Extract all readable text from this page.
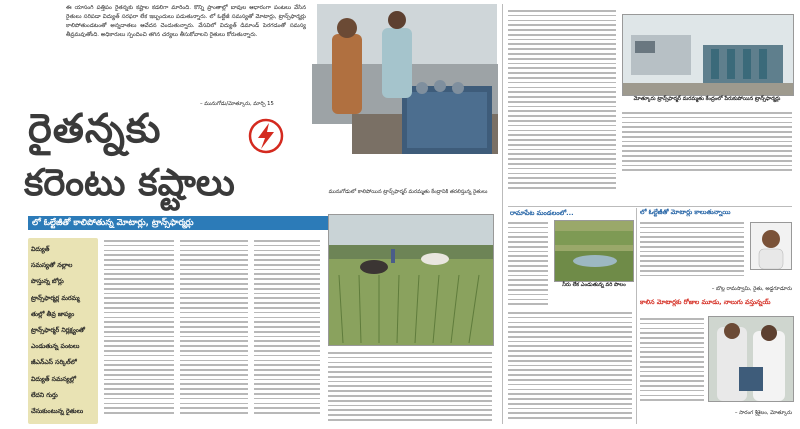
ఈ యాసంగి పత్తిపం రైతన్నకు కష్టాల కడలిగా మారింది. కొన్ని ప్రాంతాల్లో బావుల ఆధారంగా పంటలు వేసిన రైతులు సరిపడా విద్యుత్ సరఫరా లేక ఇబ్బందులు పడుతున్నారు. లో ఓల్టేజీ సమస్యతో మోటార్లు, ట్రాన్స్‌ఫార్మర్లు కాలిపోతుండటంతో అన్నదాతలు ఆవేదన చెందుతున్నారు. వేసవిలో విద్యుత్ డిమాండ్ పెరగడంతో సమస్య తీవ్రమవుతోంది. అధికారులు స్పందించి తగిన చర్యలు తీసుకోవాలని రైతులు కోరుతున్నారు.
– మునుగోడు/మోత్కూరు, మార్చి 15
రైతన్నకు
కరెంటు కష్టాలు	మునుగోడులో కాలిపోయిన ట్రాన్స్‌ఫార్మర్ మరమ్మతు కేంద్రానికి తరలిస్తున్న రైతులు
లో ఓల్టేజీతో కాలిపోతున్న మోటార్లు, ట్రాన్స్‌ఫార్మర్లు
విద్యుత్
సమస్యతో నల్లాల
పొస్తున్న బోర్లు
ట్రాన్స్‌ఫార్మర్ల మరమ్మ
తుల్లో తీవ్ర జాప్యం
ట్రాన్స్‌ఫార్మర్ నిర్లక్ష్యంతో
ఎండుతున్న పంటలు
జీఎన్‌ఎస్ సర్కిల్‌లో
విద్యుత్ సమస్యల్లో
లేదని గుర్తు
చేసుకుంటున్న రైతులు
మోత్కూరు ట్రాన్స్‌ఫార్మర్ మరమ్మతు కేంద్రంలో పేరుకుపోయిన ట్రాన్స్‌ఫార్మర్లు
రామాపేట మండలంలో...
నీరు లేక ఎండుతున్న వరి పొలం
లో ఓల్టేజీతో మోటార్లు కాలుతున్నాయి
– బొల్ల రామస్వామి, రైతు, అడ్డగూడూరు
కాలిన మోటార్లకు రోజుల మూడు, నాలుగు వస్తున్నయ్
– సారంగ శ్రీశైలం, మోత్కూరు
